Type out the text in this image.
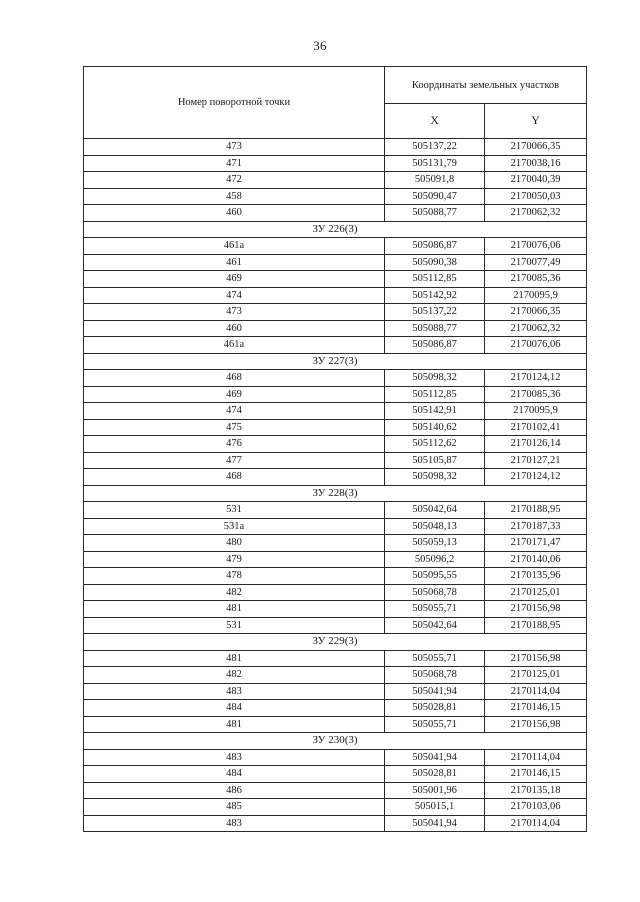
36
Номер поворотной точки	Координаты земельных участков	
	X	Y
473	505137,22	2170066,35
471	505131,79	2170038,16
472	505091,8	2170040,39
458	505090,47	2170050,03
460	505088,77	2170062,32
ЗУ 226(3)		
461а	505086,87	2170076,06
461	505090,38	2170077,49
469	505112,85	2170085,36
474	505142,92	2170095,9
473	505137,22	2170066,35
460	505088,77	2170062,32
461а	505086,87	2170076,06
ЗУ 227(3)		
468	505098,32	2170124,12
469	505112,85	2170085,36
474	505142,91	2170095,9
475	505140,62	2170102,41
476	505112,62	2170126,14
477	505105,87	2170127,21
468	505098,32	2170124,12
ЗУ 228(3)		
531	505042,64	2170188,95
531а	505048,13	2170187,33
480	505059,13	2170171,47
479	505096,2	2170140,06
478	505095,55	2170135,96
482	505068,78	2170125,01
481	505055,71	2170156,98
531	505042,64	2170188,95
ЗУ 229(3)		
481	505055,71	2170156,98
482	505068,78	2170125,01
483	505041,94	2170114,04
484	505028,81	2170146,15
481	505055,71	2170156,98
ЗУ 230(3)		
483	505041,94	2170114,04
484	505028,81	2170146,15
486	505001,96	2170135,18
485	505015,1	2170103,06
483	505041,94	2170114,04
